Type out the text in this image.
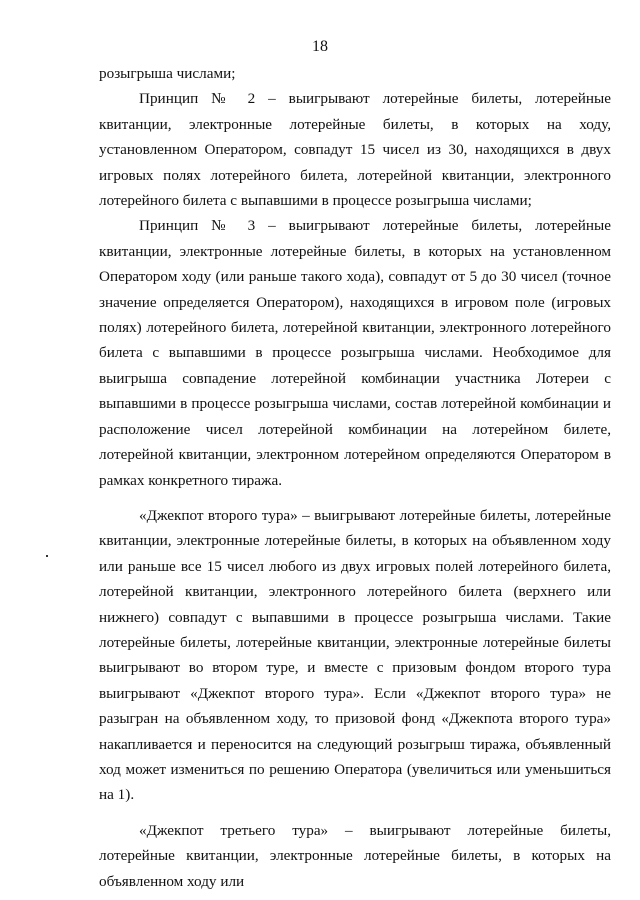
18

розыгрыша числами;

Принцип № 2 – выигрывают лотерейные билеты, лотерейные квитанции, электронные лотерейные билеты, в которых на ходу, установленном Оператором, совпадут 15 чисел из 30, находящихся в двух игровых полях лотерейного билета, лотерейной квитанции, электронного лотерейного билета с выпавшими в процессе розыгрыша числами;

Принцип № 3 – выигрывают лотерейные билеты, лотерейные квитанции, электронные лотерейные билеты, в которых на установленном Оператором ходу (или раньше такого хода), совпадут от 5 до 30 чисел (точное значение определяется Оператором), находящихся в игровом поле (игровых полях) лотерейного билета, лотерейной квитанции, электронного лотерейного билета с выпавшими в процессе розыгрыша числами. Необходимое для выигрыша совпадение лотерейной комбинации участника Лотереи с выпавшими в процессе розыгрыша числами, состав лотерейной комбинации и расположение чисел лотерейной комбинации на лотерейном билете, лотерейной квитанции, электронном лотерейном определяются Оператором в рамках конкретного тиража.

«Джекпот второго тура» – выигрывают лотерейные билеты, лотерейные квитанции, электронные лотерейные билеты, в которых на объявленном ходу или раньше все 15 чисел любого из двух игровых полей лотерейного билета, лотерейной квитанции, электронного лотерейного билета (верхнего или нижнего) совпадут с выпавшими в процессе розыгрыша числами. Такие лотерейные билеты, лотерейные квитанции, электронные лотерейные билеты выигрывают во втором туре, и вместе с призовым фондом второго тура выигрывают «Джекпот второго тура». Если «Джекпот второго тура» не разыгран на объявленном ходу, то призовой фонд «Джекпота второго тура» накапливается и переносится на следующий розыгрыш тиража, объявленный ход может измениться по решению Оператора (увеличиться или уменьшиться на 1).

«Джекпот третьего тура» – выигрывают лотерейные билеты, лотерейные квитанции, электронные лотерейные билеты, в которых на объявленном ходу или
